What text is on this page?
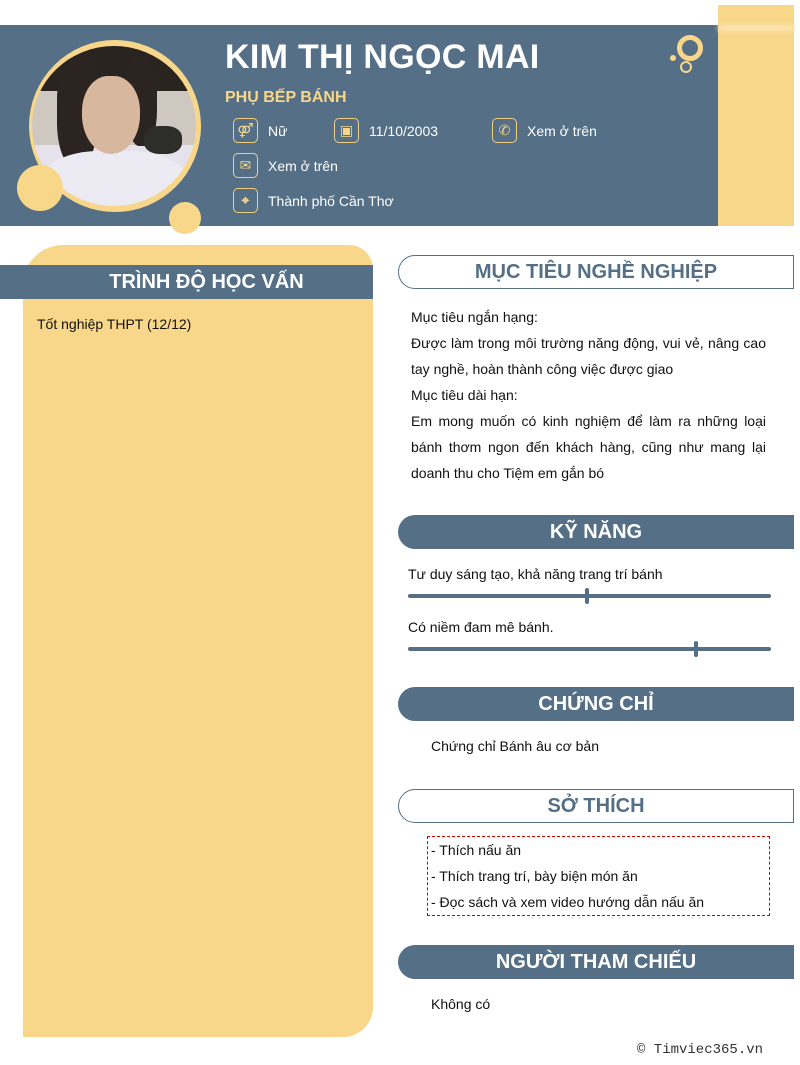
KIM THỊ NGỌC MAI
PHỤ BẾP BÁNH
⚤	Nữ	▣	11/10/2003	✆	Xem ở trên
✉	Xem ở trên
⌖	Thành phố Cần Thơ
TRÌNH ĐỘ HỌC VẤN
Tốt nghiệp THPT (12/12)
MỤC TIÊU NGHỀ NGHIỆP
Mục tiêu ngắn hạng:
Được làm trong môi trường năng động, vui vẻ, nâng cao tay nghề, hoàn thành công việc được giao
Mục tiêu dài hạn:
Em mong muốn có kinh nghiệm để làm ra những loại bánh thơm ngon đến khách hàng, cũng như mang lại doanh thu cho Tiệm em gắn bó
KỸ NĂNG
Tư duy sáng tạo, khả năng trang trí bánh
Có niềm đam mê bánh.
CHỨNG CHỈ
Chứng chỉ Bánh âu cơ bản
SỞ THÍCH
- Thích nấu ăn
- Thích trang trí, bày biện món ăn
- Đọc sách và xem video hướng dẫn nấu ăn
NGƯỜI THAM CHIẾU
Không có
© Timviec365.vn
